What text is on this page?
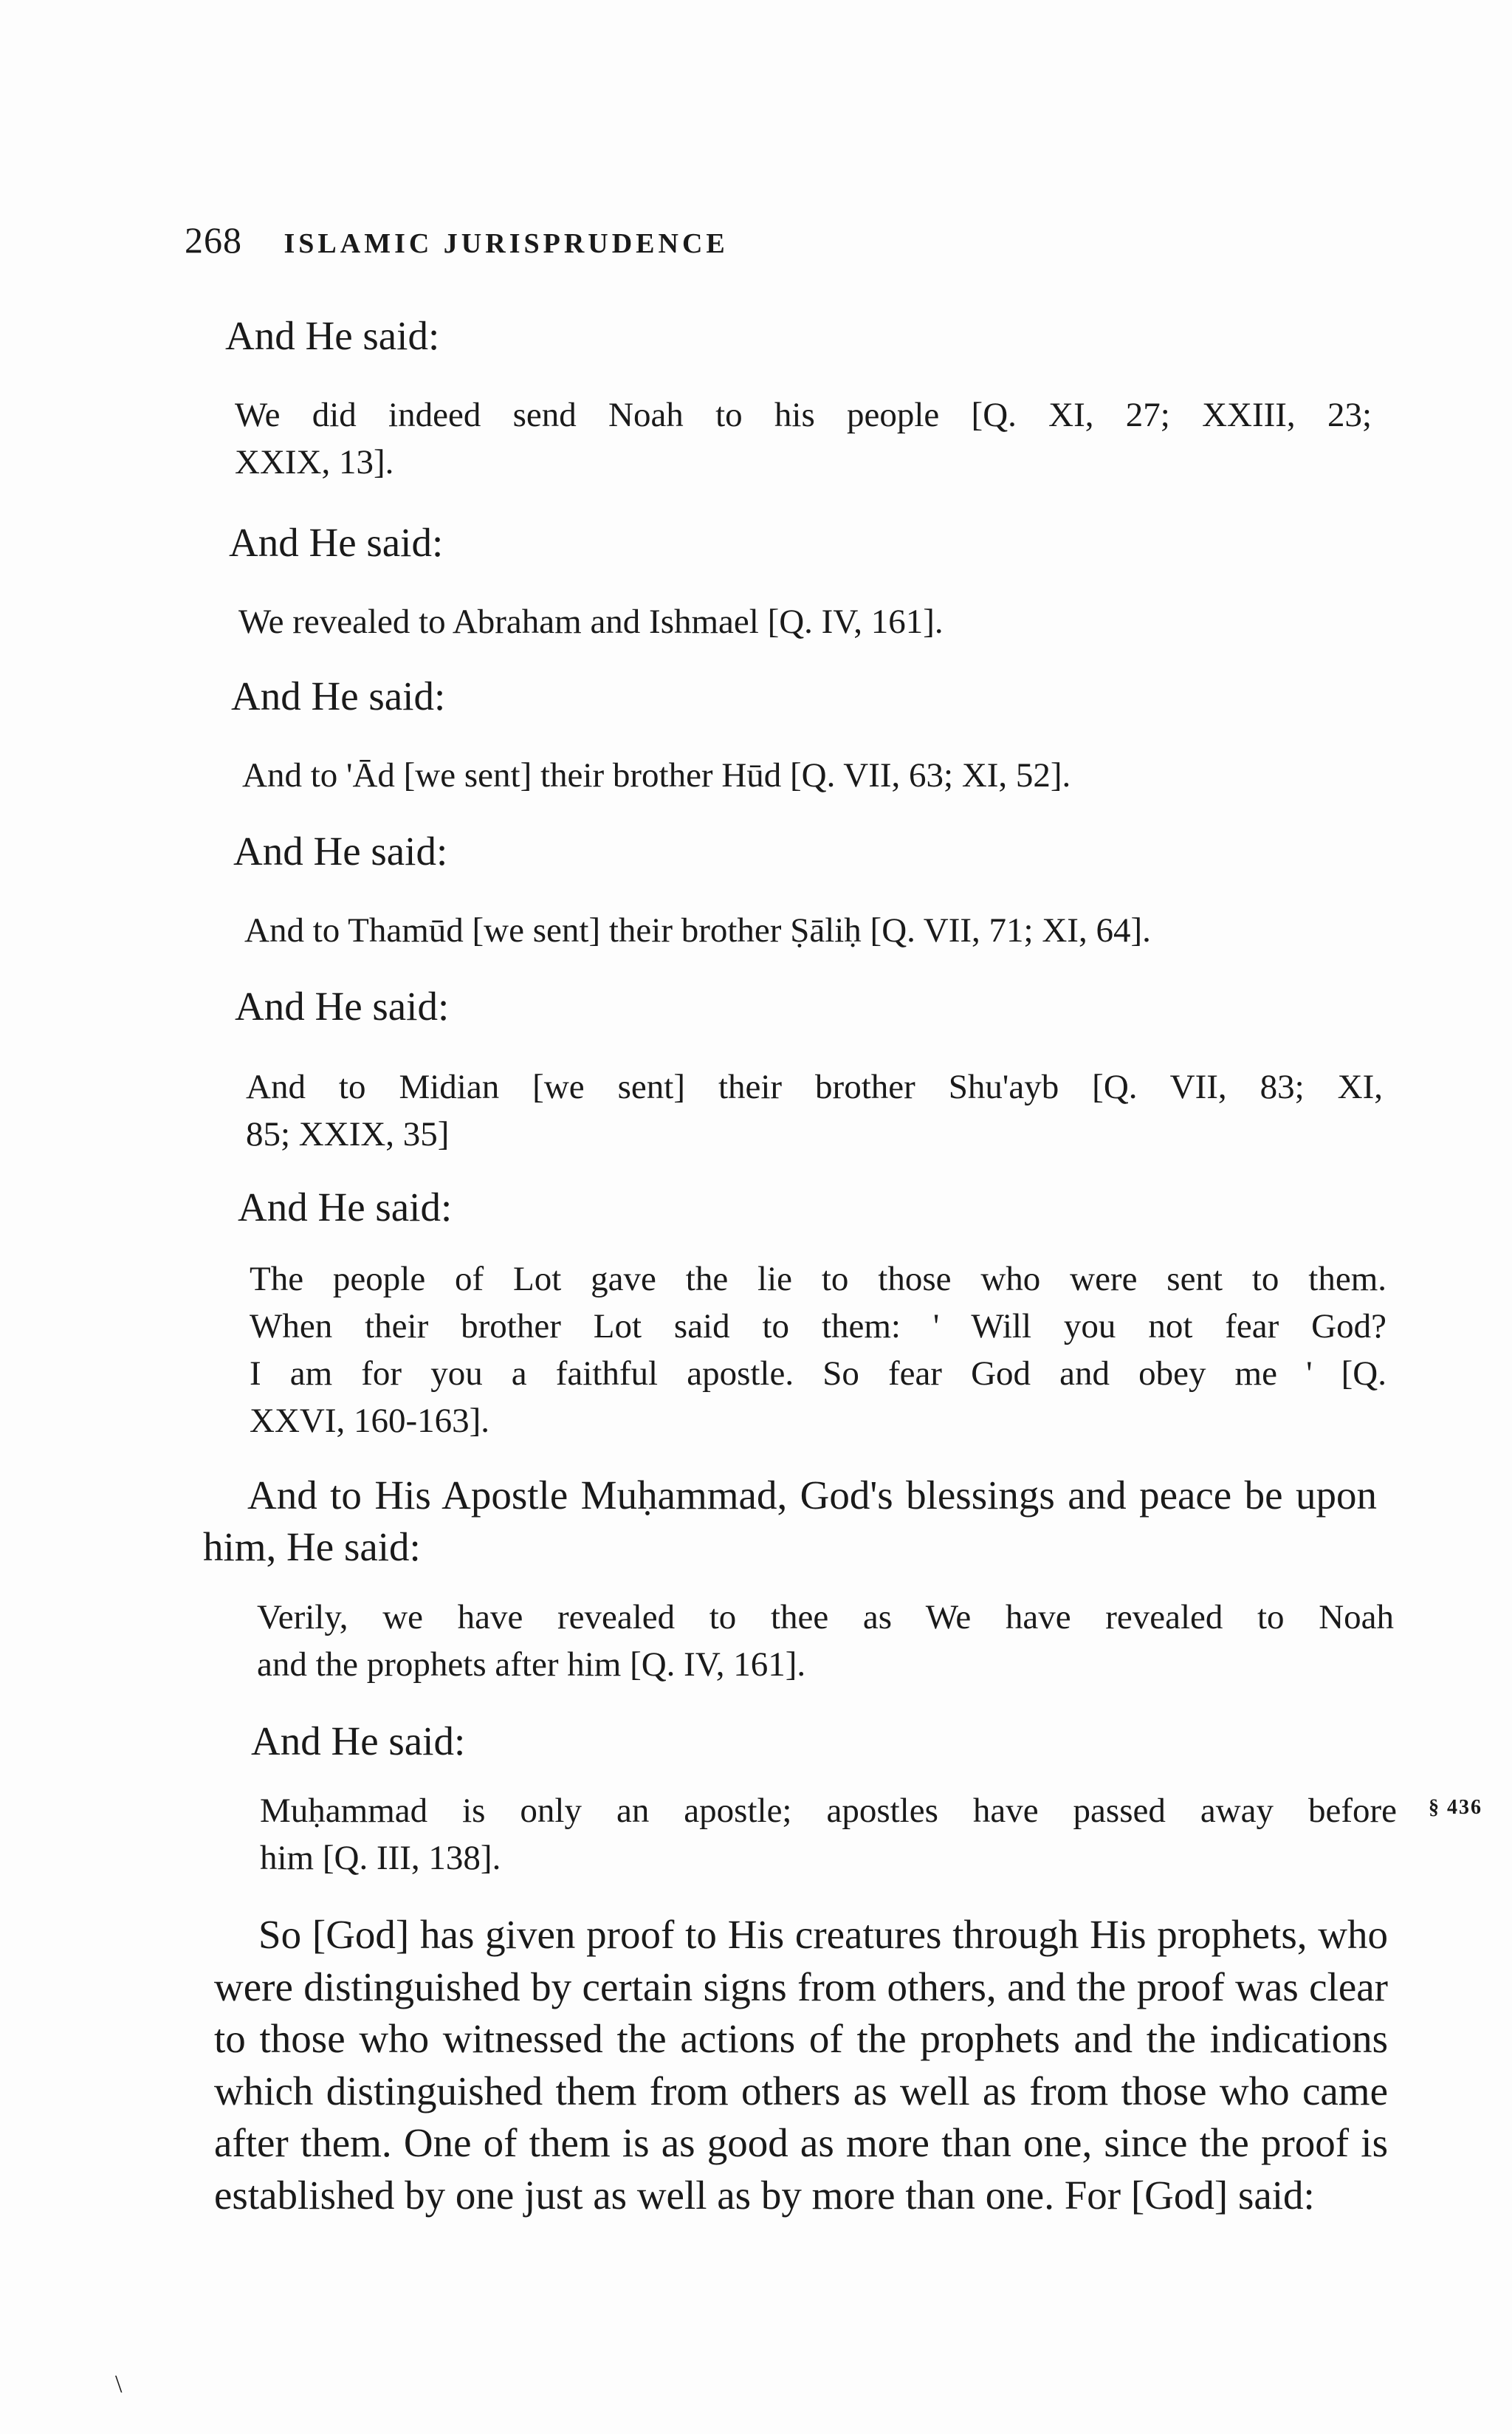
268 ISLAMIC JURISPRUDENCE
And He said:
We did indeed send Noah to his people [Q. XI, 27; XXIII, 23;
XXIX, 13].
And He said:
We revealed to Abraham and Ishmael [Q. IV, 161].
And He said:
And to 'Ād [we sent] their brother Hūd [Q. VII, 63; XI, 52].
And He said:
And to Thamūd [we sent] their brother Ṣāliḥ [Q. VII, 71; XI, 64].
And He said:
And to Midian [we sent] their brother Shu'ayb [Q. VII, 83; XI,
85; XXIX, 35]
And He said:
The people of Lot gave the lie to those who were sent to them.
When their brother Lot said to them: ' Will you not fear God?
I am for you a faithful apostle. So fear God and obey me ' [Q.
XXVI, 160-163].
And to His Apostle Muḥammad, God's blessings and peace be upon him, He said:
Verily, we have revealed to thee as We have revealed to Noah
and the prophets after him [Q. IV, 161].
And He said:
Muḥammad is only an apostle; apostles have passed away before
him [Q. III, 138].
§ 436
So [God] has given proof to His creatures through His prophets, who were distinguished by certain signs from others, and the proof was clear to those who witnessed the actions of the prophets and the indications which distinguished them from others as well as from those who came after them. One of them is as good as more than one, since the proof is established by one just as well as by more than one. For [God] said:
\
